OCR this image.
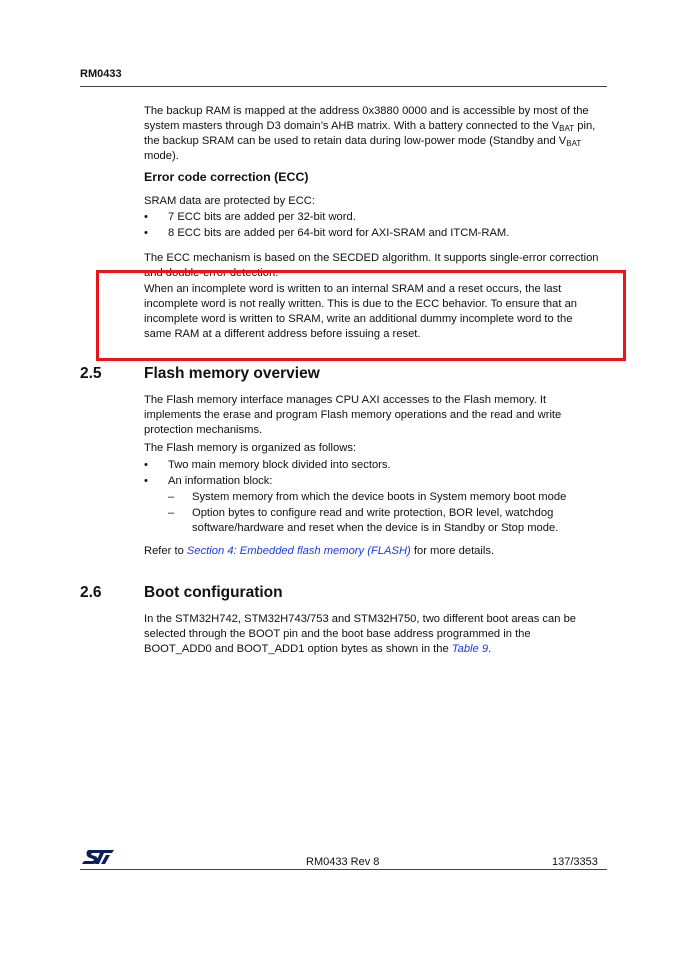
RM0433

The backup RAM is mapped at the address 0x3880 0000 and is accessible by most of the

system masters through D3 domain’s AHB matrix. With a battery connected to the $V_{BAT}$ pin,

the backup SRAM can be used to retain data during low-power mode (Standby and $V_{BAT}$

mode).

Error code correction (ECC)
SRAM data are protected by ECC:
•	7 ECC bits are added per 32-bit word.
•	8 ECC bits are added per 64-bit word for AXI-SRAM and ITCM-RAM.
The ECC mechanism is based on the SECDED algorithm. It supports single-error correction
and double-error detection.

When an incomplete word is written to an internal SRAM and a reset occurs, the last

incomplete word is not really written. This is due to the ECC behavior. To ensure that an

incomplete word is written to SRAM, write an additional dummy incomplete word to the

same RAM at a different address before issuing a reset.

2.5	Flash memory overview

The Flash memory interface manages CPU AXI accesses to the Flash memory. It

implements the erase and program Flash memory operations and the read and write

protection mechanisms.

The Flash memory is organized as follows:
•	Two main memory block divided into sectors.
•	An information block:
–	System memory from which the device boots in System memory boot mode
–	Option bytes to configure read and write protection, BOR level, watchdog
software/hardware and reset when the device is in Standby or Stop mode.
Refer to Section 4: Embedded flash memory (FLASH) for more details.
2.6	Boot configuration

In the STM32H742, STM32H743/753 and STM32H750, two different boot areas can be

selected through the BOOT pin and the boot base address programmed in the

BOOT_ADD0 and BOOT_ADD1 option bytes as shown in the Table 9.

RM0433 Rev 8	137/3353
